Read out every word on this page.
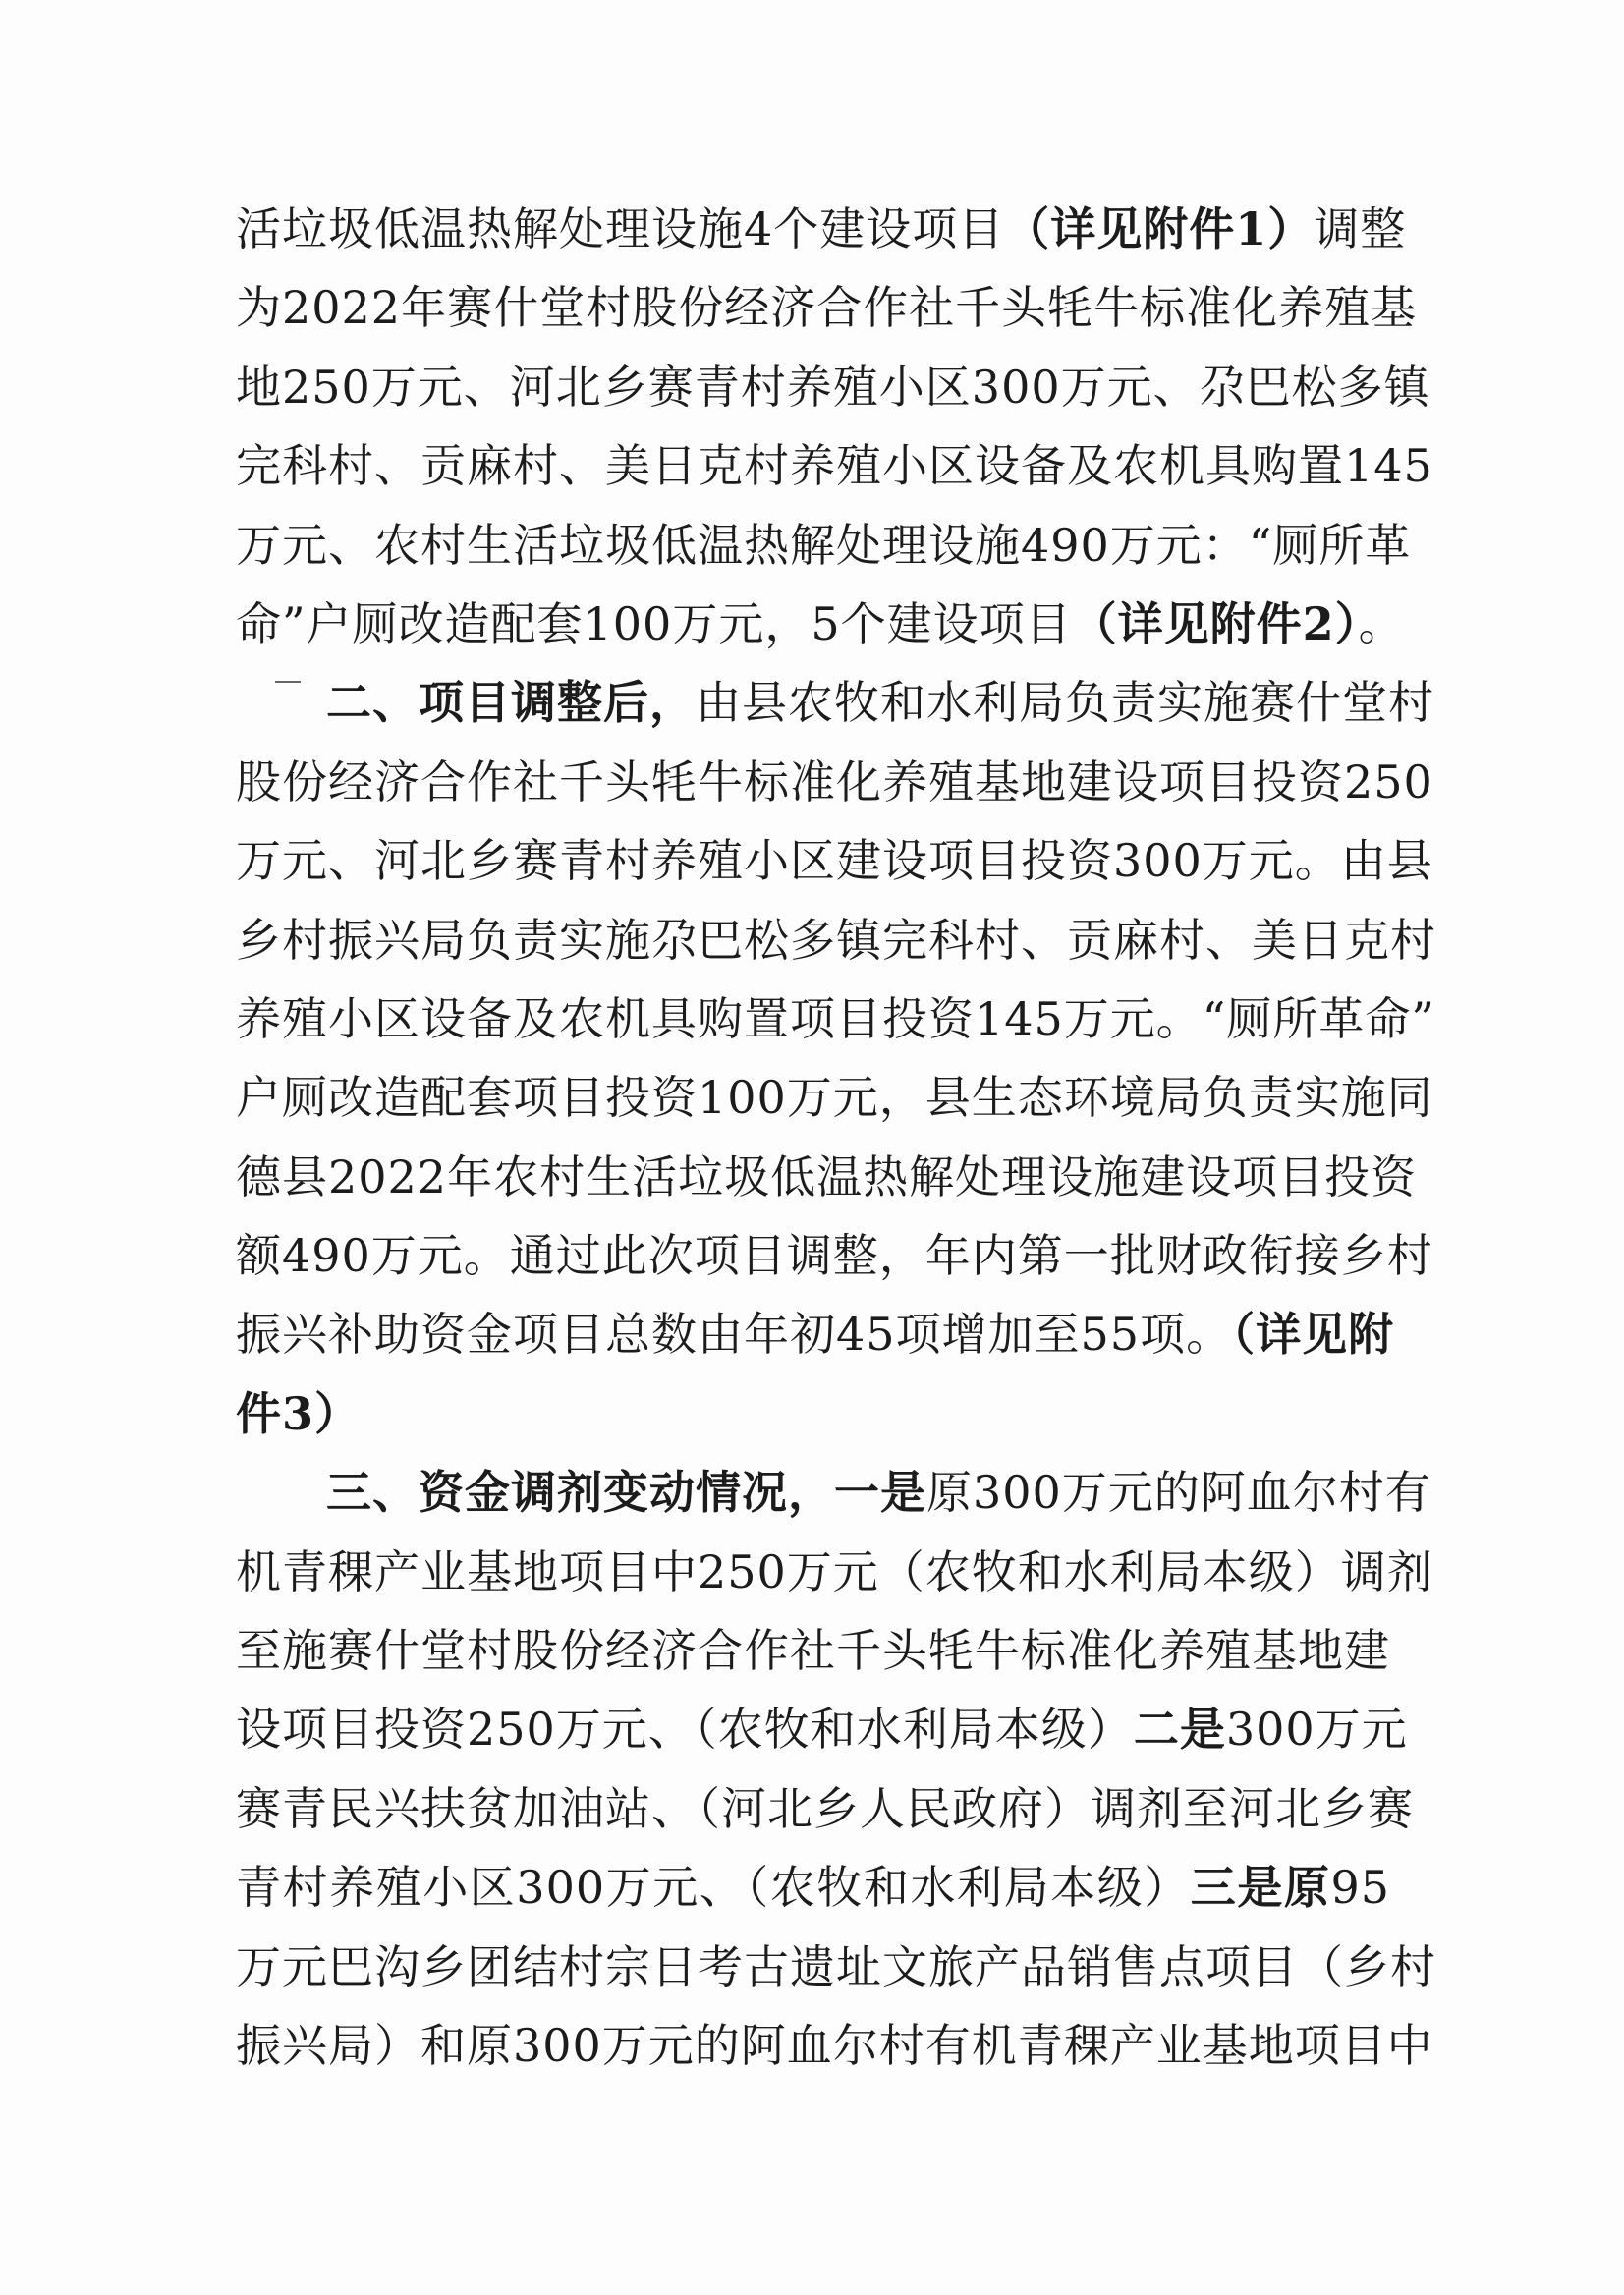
活垃圾低温热解处理设施4个建设项目（详见附件1）调整
为2022年赛什堂村股份经济合作社千头牦牛标准化养殖基
地250万元、河北乡赛青村养殖小区300万元、尕巴松多镇
完科村、贡麻村、美日克村养殖小区设备及农机具购置145
万元、农村生活垃圾低温热解处理设施490万元：“厕所革
命”户厕改造配套100万元，5个建设项目（详见附件2）。
二、项目调整后，由县农牧和水利局负责实施赛什堂村
股份经济合作社千头牦牛标准化养殖基地建设项目投资250
万元、河北乡赛青村养殖小区建设项目投资300万元。由县
乡村振兴局负责实施尕巴松多镇完科村、贡麻村、美日克村
养殖小区设备及农机具购置项目投资145万元。“厕所革命”
户厕改造配套项目投资100万元，县生态环境局负责实施同
德县2022年农村生活垃圾低温热解处理设施建设项目投资
额490万元。通过此次项目调整，年内第一批财政衔接乡村
振兴补助资金项目总数由年初45项增加至55项。（详见附
件3）
三、资金调剂变动情况，一是原300万元的阿血尔村有
机青稞产业基地项目中250万元（农牧和水利局本级）调剂
至施赛什堂村股份经济合作社千头牦牛标准化养殖基地建
设项目投资250万元、（农牧和水利局本级）二是300万元
赛青民兴扶贫加油站、（河北乡人民政府）调剂至河北乡赛
青村养殖小区300万元、（农牧和水利局本级）三是原95
万元巴沟乡团结村宗日考古遗址文旅产品销售点项目（乡村
振兴局）和原300万元的阿血尔村有机青稞产业基地项目中
